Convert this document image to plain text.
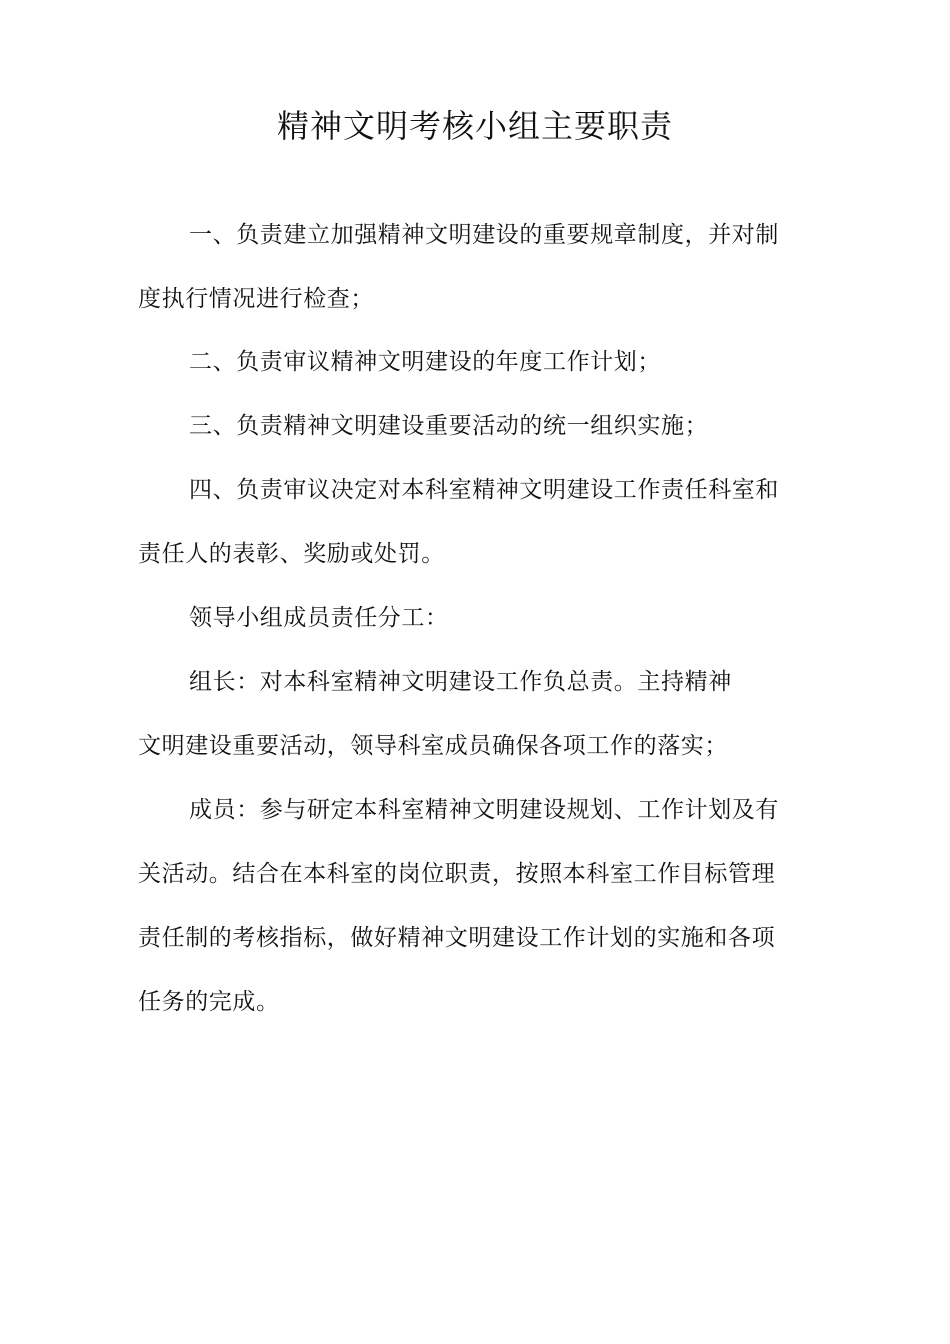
精神文明考核小组主要职责
一、负责建立加强精神文明建设的重要规章制度，并对制
度执行情况进行检查；
二、负责审议精神文明建设的年度工作计划；
三、负责精神文明建设重要活动的统一组织实施；
四、负责审议决定对本科室精神文明建设工作责任科室和
责任人的表彰、奖励或处罚。
领导小组成员责任分工：
组长：对本科室精神文明建设工作负总责。主持精神
文明建设重要活动，领导科室成员确保各项工作的落实；
成员：参与研定本科室精神文明建设规划、工作计划及有
关活动。结合在本科室的岗位职责，按照本科室工作目标管理
责任制的考核指标，做好精神文明建设工作计划的实施和各项
任务的完成。
